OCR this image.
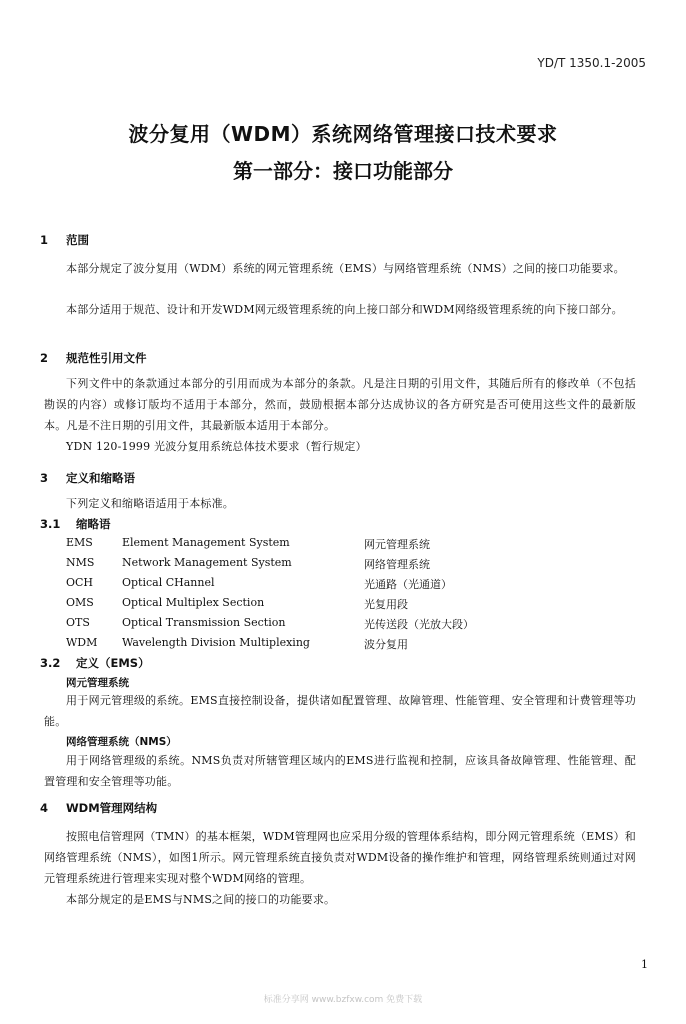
YD/T 1350.1-2005
波分复用（WDM）系统网络管理接口技术要求
第一部分：接口功能部分
1 范围
本部分规定了波分复用（WDM）系统的网元管理系统（EMS）与网络管理系统（NMS）之间的接口功能要求。
本部分适用于规范、设计和开发WDM网元级管理系统的向上接口部分和WDM网络级管理系统的向下接口部分。
2 规范性引用文件
下列文件中的条款通过本部分的引用而成为本部分的条款。凡是注日期的引用文件，其随后所有的修改单（不包括勘误的内容）或修订版均不适用于本部分，然而，鼓励根据本部分达成协议的各方研究是否可使用这些文件的最新版本。凡是不注日期的引用文件，其最新版本适用于本部分。
YDN 120-1999 光波分复用系统总体技术要求（暂行规定）
3 定义和缩略语
下列定义和缩略语适用于本标准。
3.1 缩略语
EMS	Element Management System	网元管理系统
NMS	Network Management System	网络管理系统
OCH	Optical CHannel	光通路（光通道）
OMS	Optical Multiplex Section	光复用段
OTS	Optical Transmission Section	光传送段（光放大段）
WDM	Wavelength Division Multiplexing	波分复用
3.2 定义（EMS）
网元管理系统
用于网元管理级的系统。EMS直接控制设备，提供诸如配置管理、故障管理、性能管理、安全管理和计费管理等功能。
网络管理系统（NMS）
用于网络管理级的系统。NMS负责对所辖管理区域内的EMS进行监视和控制，应该具备故障管理、性能管理、配置管理和安全管理等功能。
4 WDM管理网结构
按照电信管理网（TMN）的基本框架，WDM管理网也应采用分级的管理体系结构，即分网元管理系统（EMS）和网络管理系统（NMS），如图1所示。网元管理系统直接负责对WDM设备的操作维护和管理，网络管理系统则通过对网元管理系统进行管理来实现对整个WDM网络的管理。
本部分规定的是EMS与NMS之间的接口的功能要求。
1
标准分享网 www.bzfxw.com 免费下载
